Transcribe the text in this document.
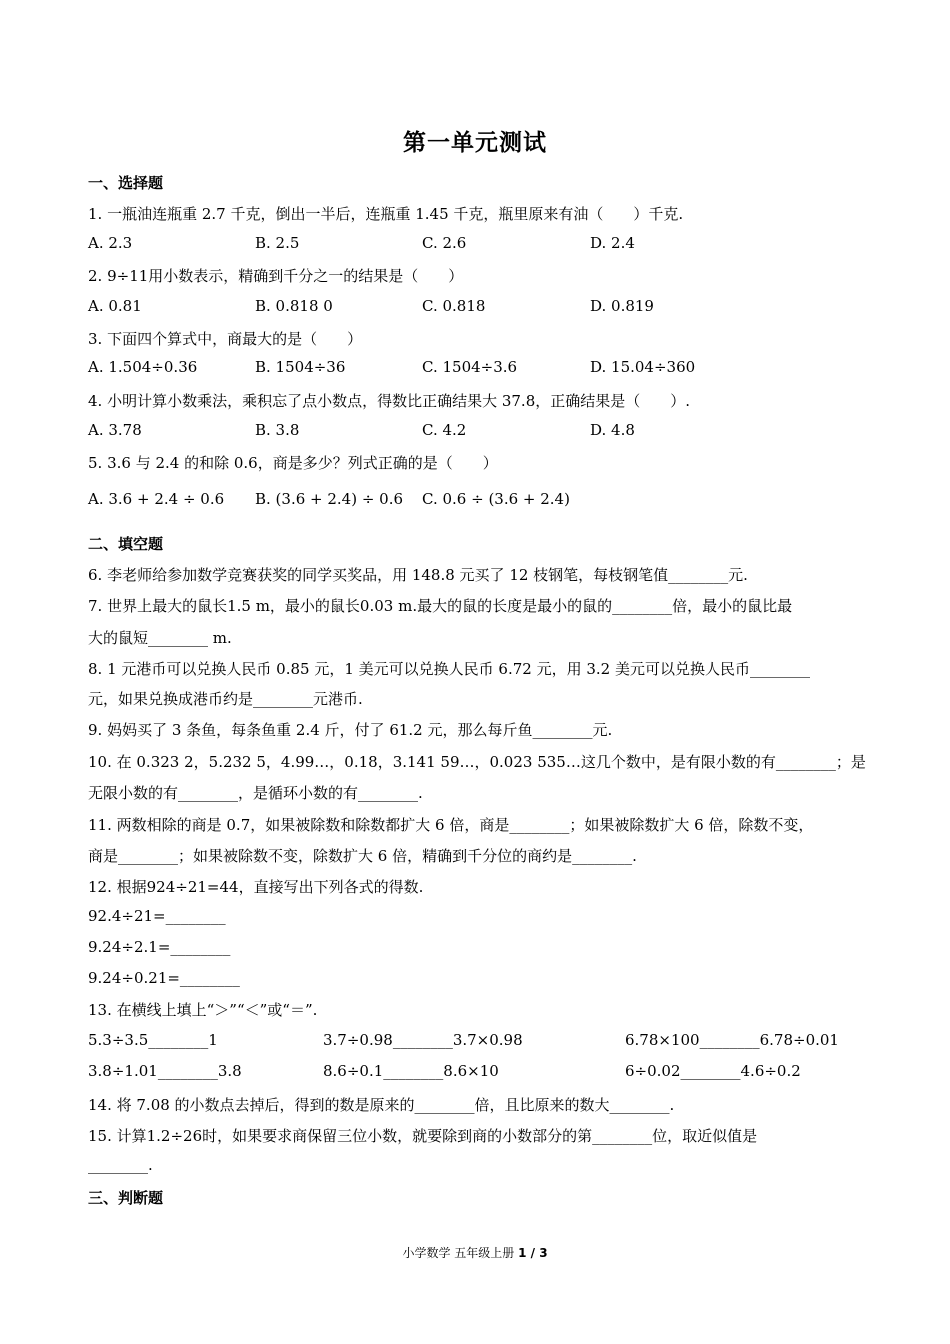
第一单元测试
一、选择题
1. 一瓶油连瓶重 2.7 千克，倒出一半后，连瓶重 1.45 千克，瓶里原来有油（　　）千克.
A. 2.3	B. 2.5	C. 2.6	D. 2.4
2. 9÷11用小数表示，精确到千分之一的结果是（　　）
A. 0.81	B. 0.818 0	C. 0.818	D. 0.819
3. 下面四个算式中，商最大的是（　　）
A. 1.504÷0.36	B. 1504÷36	C. 1504÷3.6	D. 15.04÷360
4. 小明计算小数乘法，乘积忘了点小数点，得数比正确结果大 37.8，正确结果是（　　）.
A. 3.78	B. 3.8	C. 4.2	D. 4.8
5. 3.6 与 2.4 的和除 0.6，商是多少？列式正确的是（　　）
A. 3.6 + 2.4 ÷ 0.6 B. (3.6 + 2.4) ÷ 0.6 C. 0.6 ÷ (3.6 + 2.4)
二、填空题
6. 李老师给参加数学竞赛获奖的同学买奖品，用 148.8 元买了 12 枝钢笔，每枝钢笔值________元.
7. 世界上最大的鼠长1.5 m，最小的鼠长0.03 m.最大的鼠的长度是最小的鼠的________倍，最小的鼠比最
大的鼠短________ m.
8. 1 元港币可以兑换人民币 0.85 元，1 美元可以兑换人民币 6.72 元，用 3.2 美元可以兑换人民币________
元，如果兑换成港币约是________元港币.
9. 妈妈买了 3 条鱼，每条鱼重 2.4 斤，付了 61.2 元，那么每斤鱼________元.
10. 在 0.323 2，5.232 5，4.99…，0.18，3.141 59…，0.023 535…这几个数中，是有限小数的有________；是
无限小数的有________，是循环小数的有________.
11. 两数相除的商是 0.7，如果被除数和除数都扩大 6 倍，商是________；如果被除数扩大 6 倍，除数不变，
商是________；如果被除数不变，除数扩大 6 倍，精确到千分位的商约是________.
12. 根据924÷21=44，直接写出下列各式的得数.
92.4÷21=________
9.24÷2.1=________
9.24÷0.21=________
13. 在横线上填上“＞”“＜”或“＝”.
5.3÷3.5________1	3.7÷0.98________3.7×0.98	6.78×100________6.78÷0.01
3.8÷1.01________3.8	8.6÷0.1________8.6×10	6÷0.02________4.6÷0.2
14. 将 7.08 的小数点去掉后，得到的数是原来的________倍，且比原来的数大________.
15. 计算1.2÷26时，如果要求商保留三位小数，就要除到商的小数部分的第________位，取近似值是
________.
三、判断题
小学数学 五年级上册 1 / 3
